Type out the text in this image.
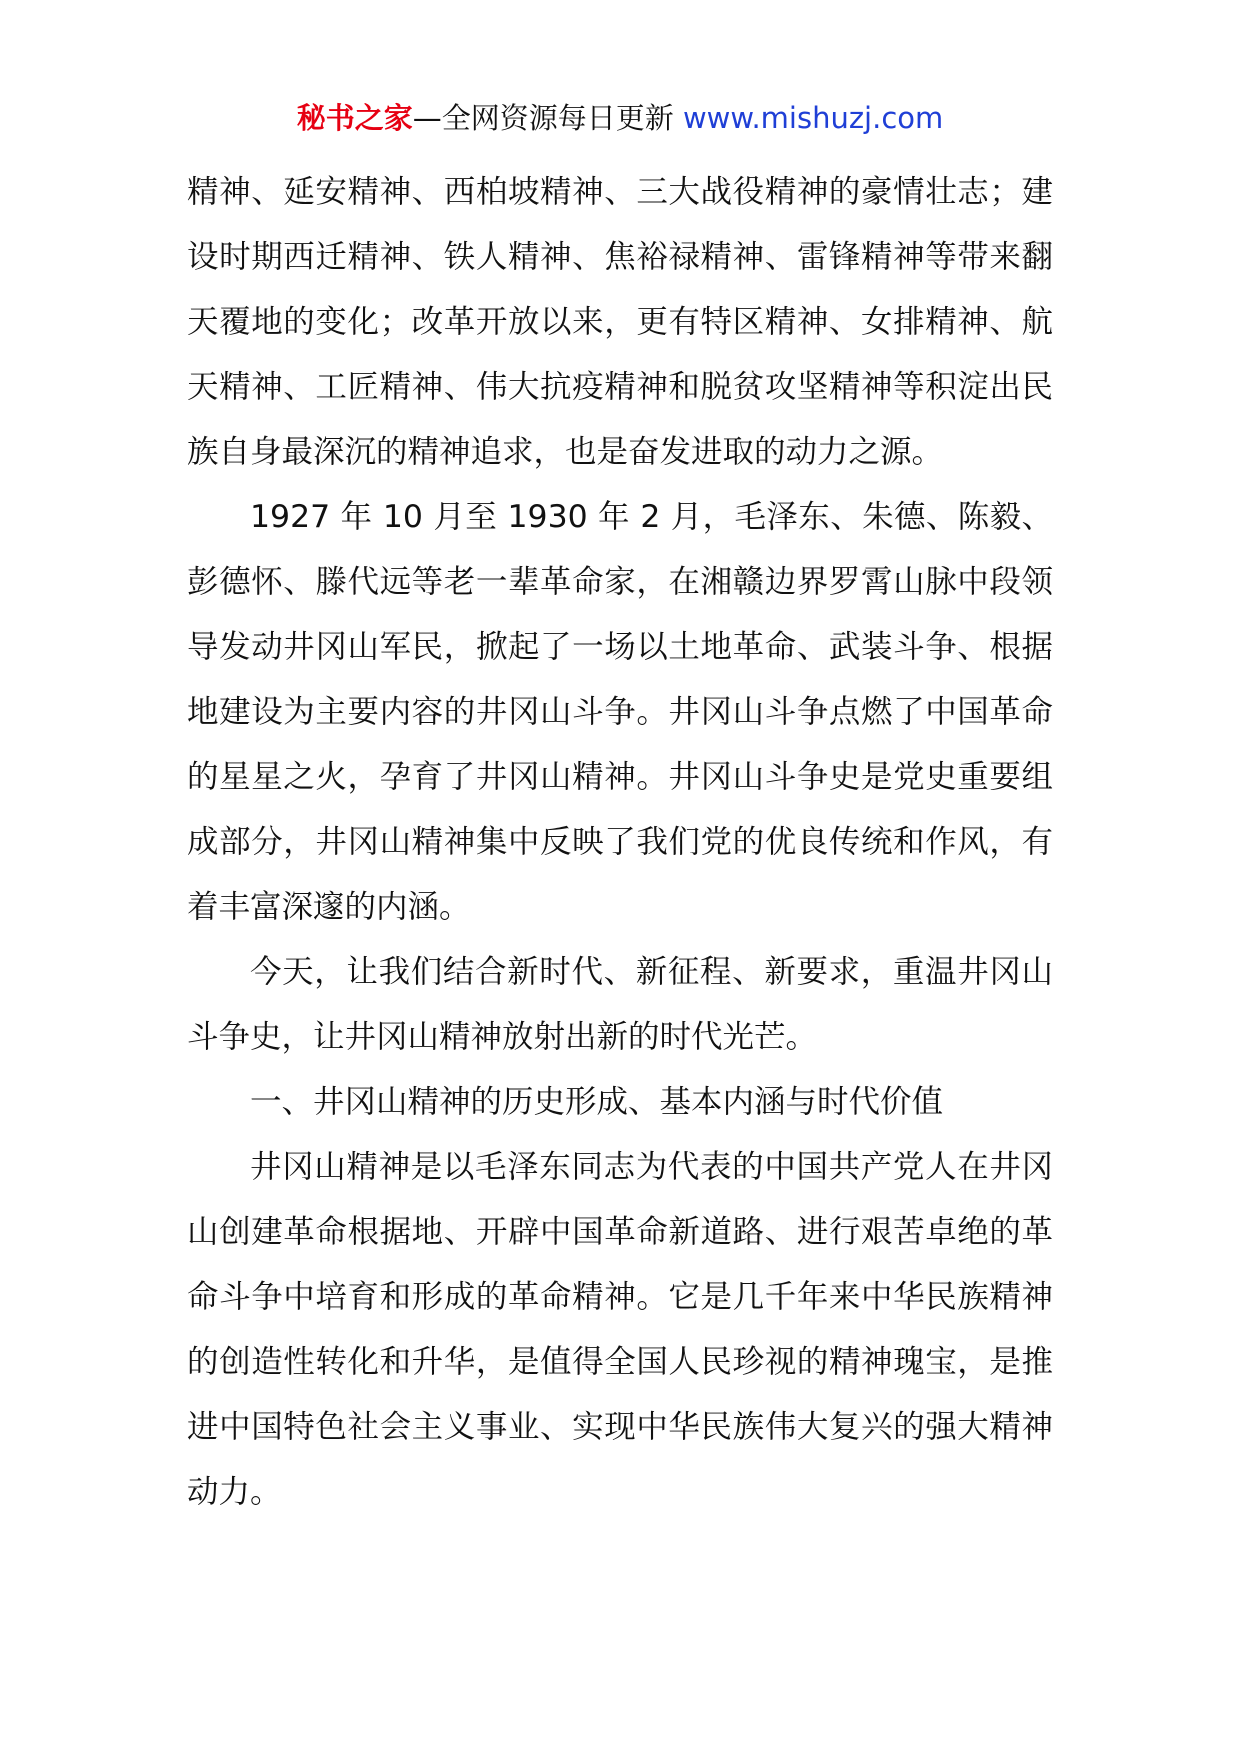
秘书之家—全网资源每日更新 www.mishuzj.com

精神、延安精神、西柏坡精神、三大战役精神的豪情壮志；建设时期西迁精神、铁人精神、焦裕禄精神、雷锋精神等带来翻天覆地的变化；改革开放以来，更有特区精神、女排精神、航天精神、工匠精神、伟大抗疫精神和脱贫攻坚精神等积淀出民族自身最深沉的精神追求，也是奋发进取的动力之源。

1927 年 10 月至 1930 年 2 月，毛泽东、朱德、陈毅、彭德怀、滕代远等老一辈革命家，在湘赣边界罗霄山脉中段领导发动井冈山军民，掀起了一场以土地革命、武装斗争、根据地建设为主要内容的井冈山斗争。井冈山斗争点燃了中国革命的星星之火，孕育了井冈山精神。井冈山斗争史是党史重要组成部分，井冈山精神集中反映了我们党的优良传统和作风，有着丰富深邃的内涵。

今天，让我们结合新时代、新征程、新要求，重温井冈山斗争史，让井冈山精神放射出新的时代光芒。

一、井冈山精神的历史形成、基本内涵与时代价值

井冈山精神是以毛泽东同志为代表的中国共产党人在井冈山创建革命根据地、开辟中国革命新道路、进行艰苦卓绝的革命斗争中培育和形成的革命精神。它是几千年来中华民族精神的创造性转化和升华，是值得全国人民珍视的精神瑰宝，是推进中国特色社会主义事业、实现中华民族伟大复兴的强大精神动力。
